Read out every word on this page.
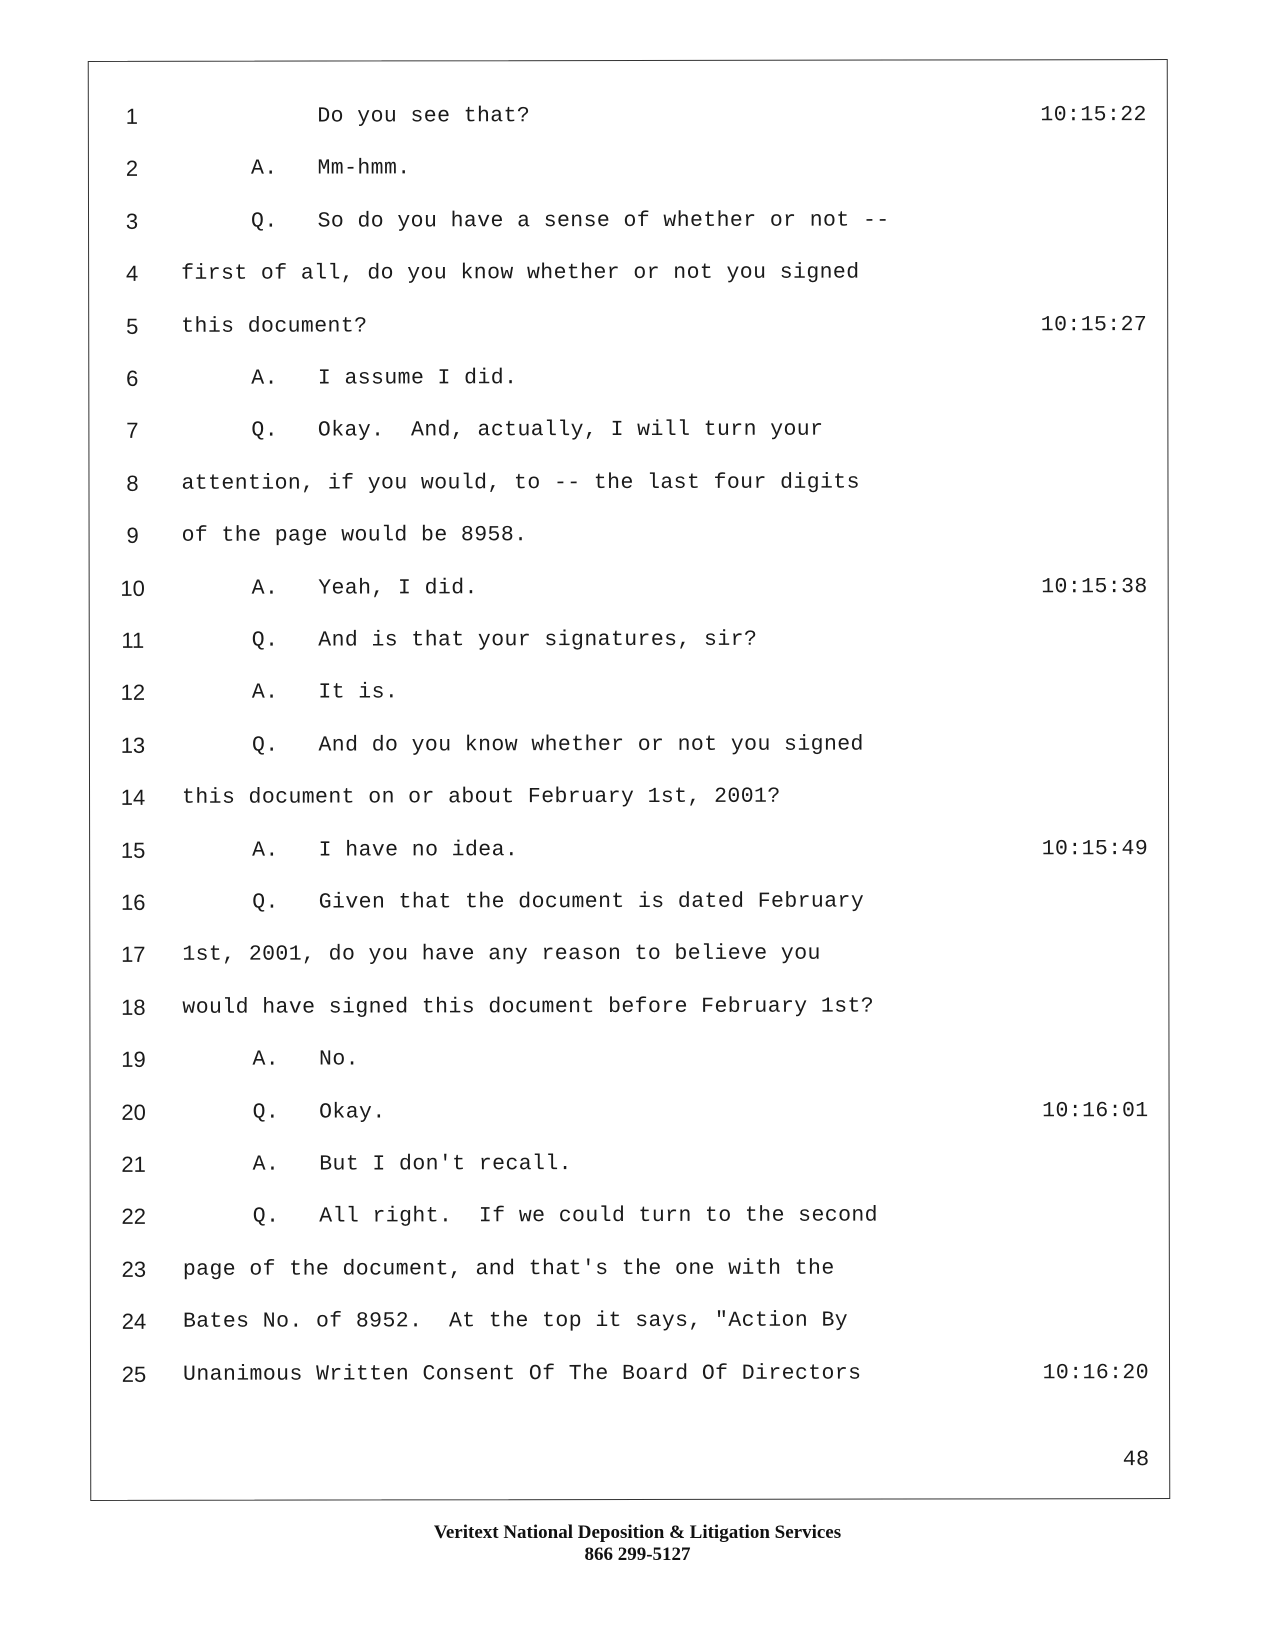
1	Do you see that?	10:15:22
2	A. Mm-hmm.
3	Q. So do you have a sense of whether or not --
4	first of all, do you know whether or not you signed
5	this document?	10:15:27
6	A. I assume I did.
7	Q. Okay.  And, actually, I will turn your
8	attention, if you would, to -- the last four digits
9	of the page would be 8958.
10	A. Yeah, I did.	10:15:38
11	Q. And is that your signatures, sir?
12	A. It is.
13	Q. And do you know whether or not you signed
14	this document on or about February 1st, 2001?
15	A. I have no idea.	10:15:49
16	Q. Given that the document is dated February
17	1st, 2001, do you have any reason to believe you
18	would have signed this document before February 1st?
19	A. No.
20	Q. Okay.	10:16:01
21	A. But I don't recall.
22	Q. All right.  If we could turn to the second
23	page of the document, and that's the one with the
24	Bates No. of 8952.  At the top it says, "Action By
25	Unanimous Written Consent Of The Board Of Directors	10:16:20
48
Veritext National Deposition & Litigation Services
866 299-5127
